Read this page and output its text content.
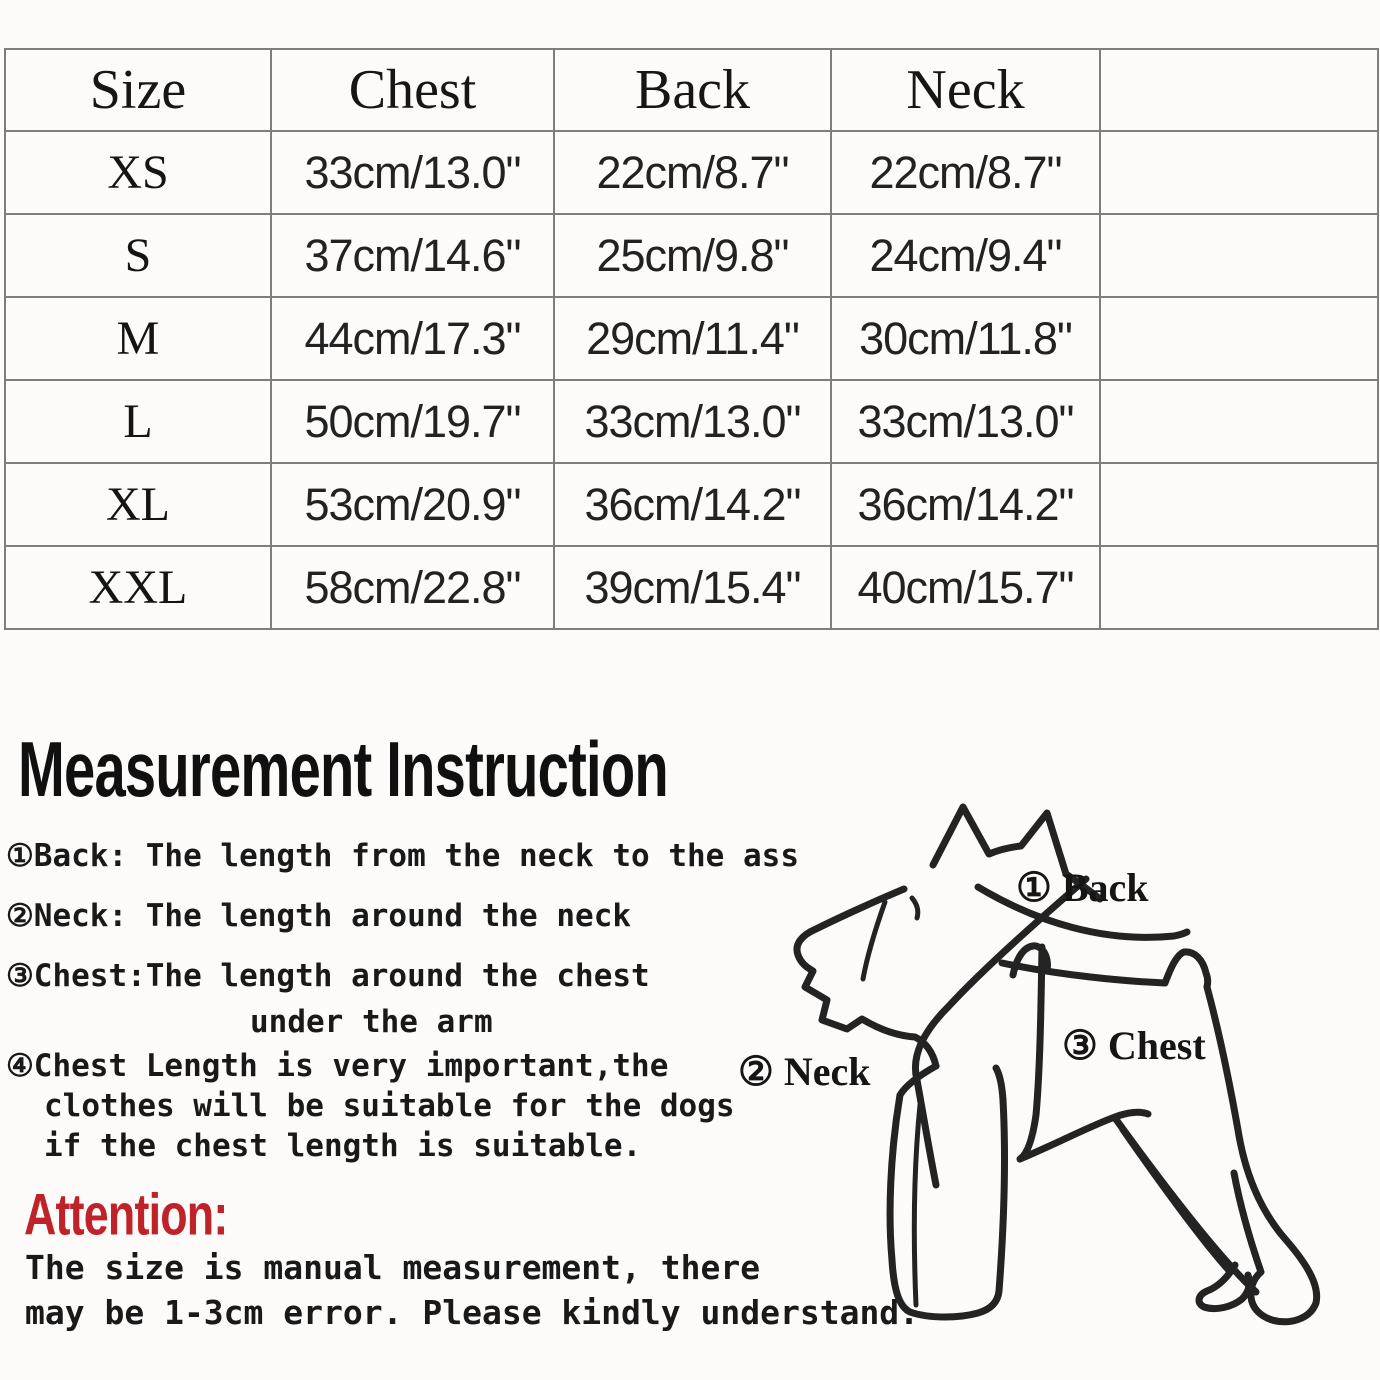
Size	Chest	Back	Neck	
XS	33cm/13.0"	22cm/8.7"	22cm/8.7"	
S	37cm/14.6"	25cm/9.8"	24cm/9.4"	
M	44cm/17.3"	29cm/11.4"	30cm/11.8"	
L	50cm/19.7"	33cm/13.0"	33cm/13.0"	
XL	53cm/20.9"	36cm/14.2"	36cm/14.2"	
XXL	58cm/22.8"	39cm/15.4"	40cm/15.7"	
Measurement Instruction
①Back: The length from the neck to the ass
②Neck: The length around the neck
③Chest:The length around the chest
under the arm
④Chest Length is very important,the
clothes will be suitable for the dogs
if the chest length is suitable.
Attention:
The size is manual measurement, there
may be 1-3cm error. Please kindly understand.
① Back
② Neck
③ Chest
